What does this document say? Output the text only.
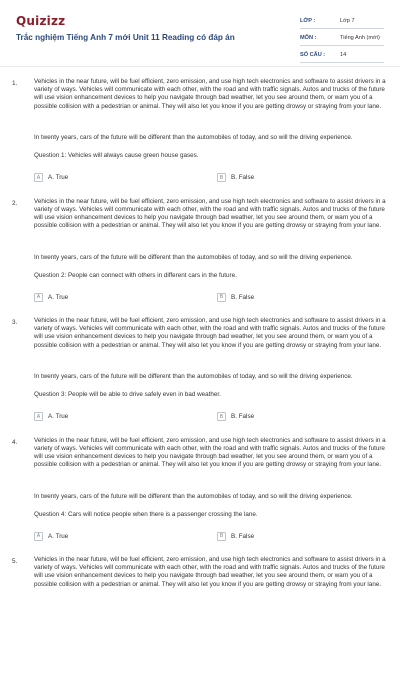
Quizizz
Trắc nghiệm Tiếng Anh 7 mới Unit 11 Reading có đáp án
LỚP :	Lớp 7
MÔN :	Tiếng Anh (mới)
SỐ CÂU :	14
1.	Vehicles in the near future, will be fuel efficient, zero emission, and use high tech electronics and software to assist drivers in a variety of ways. Vehicles will communicate with each other, with the road and with traffic signals. Autos and trucks of the future will use vision enhancement devices to help you navigate through bad weather, let you see around them, or warn you of a possible collision with a pedestrian or animal. They will also let you know if you are getting drowsy or straying from your lane.

In twenty years, cars of the future will be different than the automobiles of today, and so will the driving experience.

Question 1: Vehicles will always cause green house gases.

A	A. True	B	B. False
2.	Vehicles in the near future, will be fuel efficient, zero emission, and use high tech electronics and software to assist drivers in a variety of ways. Vehicles will communicate with each other, with the road and with traffic signals. Autos and trucks of the future will use vision enhancement devices to help you navigate through bad weather, let you see around them, or warn you of a possible collision with a pedestrian or animal. They will also let you know if you are getting drowsy or straying from your lane.

In twenty years, cars of the future will be different than the automobiles of today, and so will the driving experience.

Question 2: People can connect with others in different cars in the future.

A	A. True	B	B. False
3.	Vehicles in the near future, will be fuel efficient, zero emission, and use high tech electronics and software to assist drivers in a variety of ways. Vehicles will communicate with each other, with the road and with traffic signals. Autos and trucks of the future will use vision enhancement devices to help you navigate through bad weather, let you see around them, or warn you of a possible collision with a pedestrian or animal. They will also let you know if you are getting drowsy or straying from your lane.

In twenty years, cars of the future will be different than the automobiles of today, and so will the driving experience.

Question 3: People will be able to drive safely even in bad weather.

A	A. True	B	B. False
4.	Vehicles in the near future, will be fuel efficient, zero emission, and use high tech electronics and software to assist drivers in a variety of ways. Vehicles will communicate with each other, with the road and with traffic signals. Autos and trucks of the future will use vision enhancement devices to help you navigate through bad weather, let you see around them, or warn you of a possible collision with a pedestrian or animal. They will also let you know if you are getting drowsy or straying from your lane.

In twenty years, cars of the future will be different than the automobiles of today, and so will the driving experience.

Question 4: Cars will notice people when there is a passenger crossing the lane.

A	A. True	B	B. False
5.	Vehicles in the near future, will be fuel efficient, zero emission, and use high tech electronics and software to assist drivers in a variety of ways. Vehicles will communicate with each other, with the road and with traffic signals. Autos and trucks of the future will use vision enhancement devices to help you navigate through bad weather, let you see around them, or warn you of a possible collision with a pedestrian or animal. They will also let you know if you are getting drowsy or straying from your lane.
